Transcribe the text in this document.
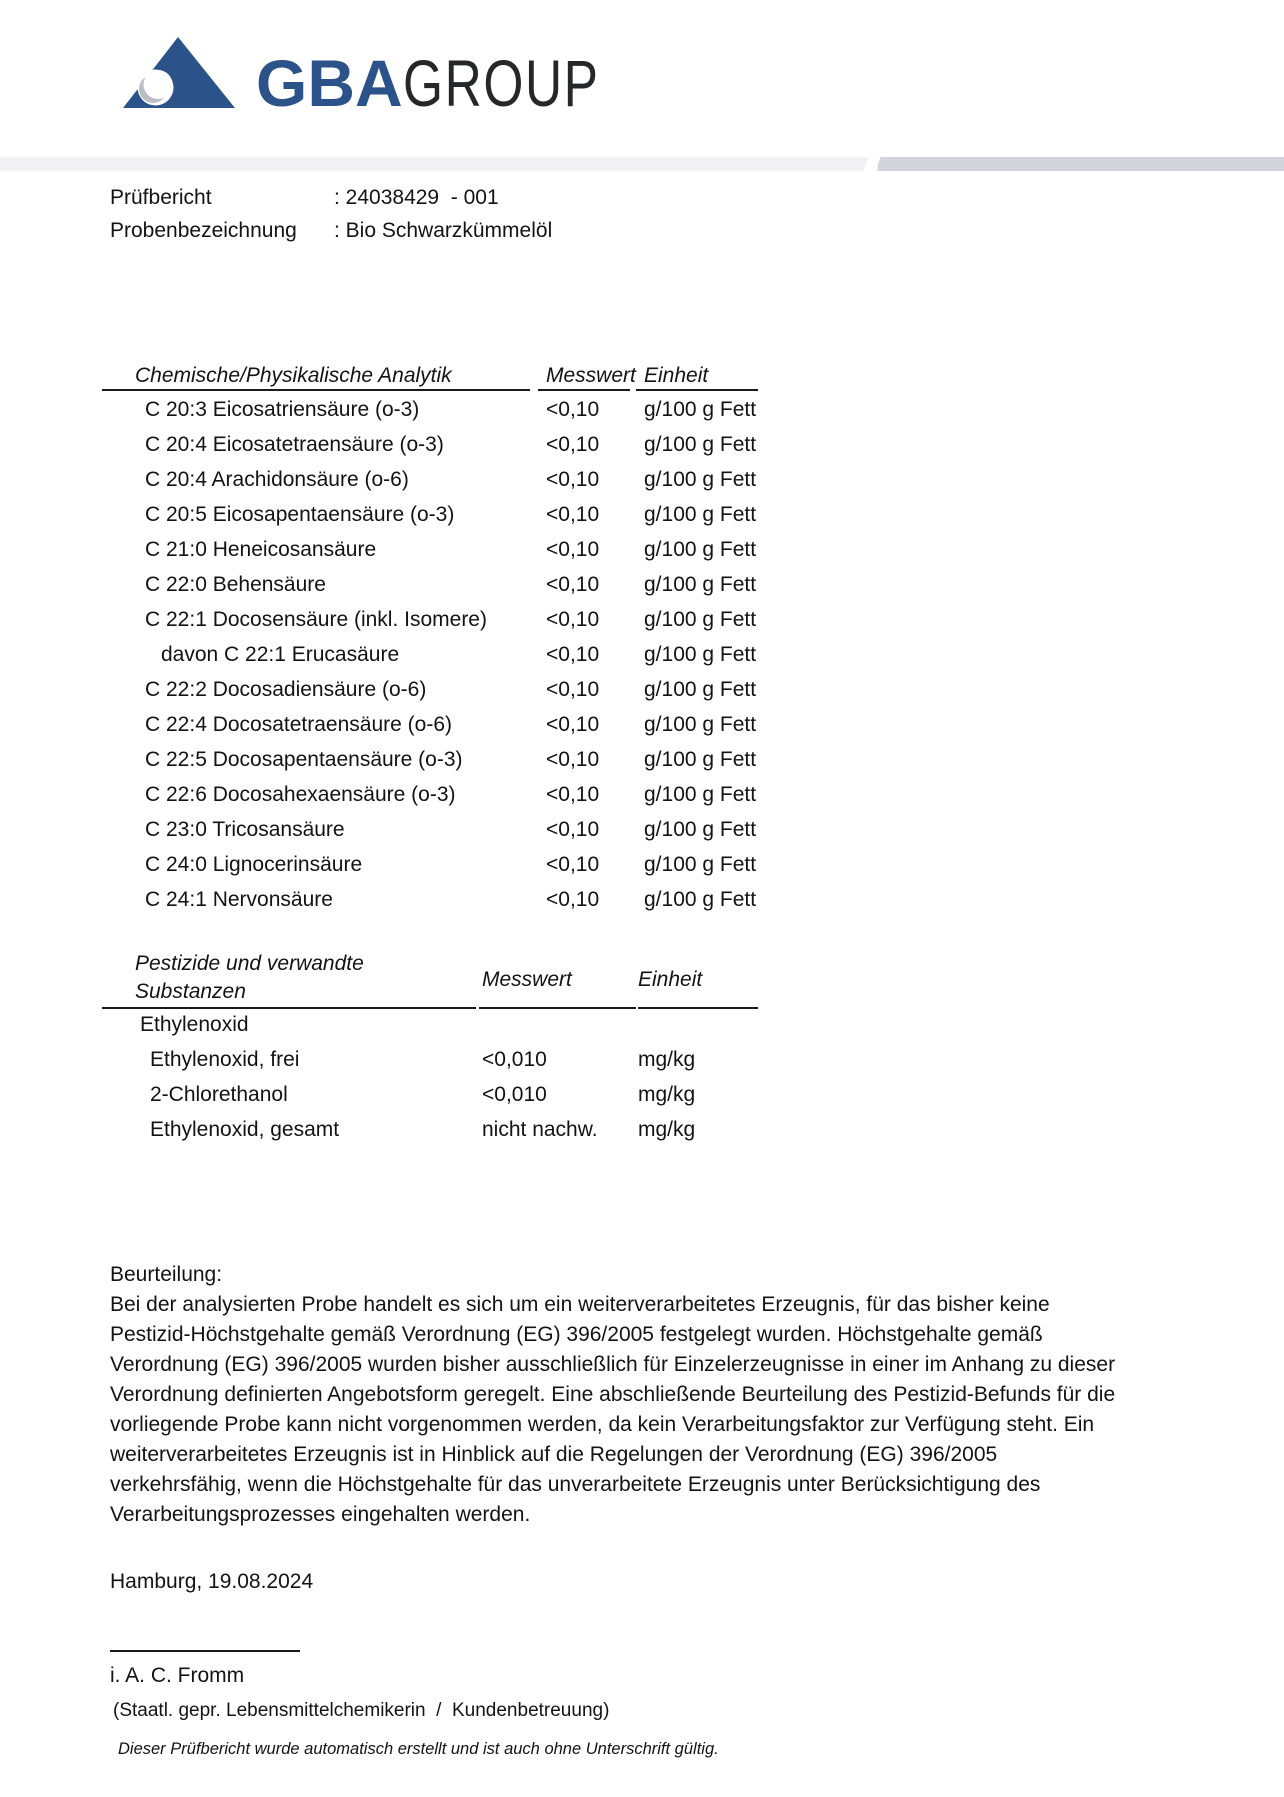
GBAGROUP
Prüfbericht	: 24038429  - 001
Probenbezeichnung : Bio Schwarzkümmelöl
Chemische/Physikalische Analytik	Messwert Einheit
C 20:3 Eicosatriensäure (o-3)	<0,10 g/100 g Fett
C 20:4 Eicosatetraensäure (o-3)	<0,10 g/100 g Fett
C 20:4 Arachidonsäure (o-6)	<0,10 g/100 g Fett
C 20:5 Eicosapentaensäure (o-3)	<0,10 g/100 g Fett
C 21:0 Heneicosansäure	<0,10 g/100 g Fett
C 22:0 Behensäure	<0,10 g/100 g Fett
C 22:1 Docosensäure (inkl. Isomere)	<0,10 g/100 g Fett
davon C 22:1 Erucasäure	<0,10 g/100 g Fett
C 22:2 Docosadiensäure (o-6)	<0,10 g/100 g Fett
C 22:4 Docosatetraensäure (o-6)	<0,10 g/100 g Fett
C 22:5 Docosapentaensäure (o-3)	<0,10 g/100 g Fett
C 22:6 Docosahexaensäure (o-3)	<0,10 g/100 g Fett
C 23:0 Tricosansäure	<0,10 g/100 g Fett
C 24:0 Lignocerinsäure	<0,10 g/100 g Fett
C 24:1 Nervonsäure	<0,10 g/100 g Fett
Pestizide und verwandte
Substanzen
Messwert	Einheit
Ethylenoxid
Ethylenoxid, frei	<0,010	mg/kg
2-Chlorethanol	<0,010	mg/kg
Ethylenoxid, gesamt	nicht nachw. mg/kg
Beurteilung:
Bei der analysierten Probe handelt es sich um ein weiterverarbeitetes Erzeugnis, für das bisher keine
Pestizid-Höchstgehalte gemäß Verordnung (EG) 396/2005 festgelegt wurden. Höchstgehalte gemäß
Verordnung (EG) 396/2005 wurden bisher ausschließlich für Einzelerzeugnisse in einer im Anhang zu dieser
Verordnung definierten Angebotsform geregelt. Eine abschließende Beurteilung des Pestizid-Befunds für die
vorliegende Probe kann nicht vorgenommen werden, da kein Verarbeitungsfaktor zur Verfügung steht. Ein
weiterverarbeitetes Erzeugnis ist in Hinblick auf die Regelungen der Verordnung (EG) 396/2005
verkehrsfähig, wenn die Höchstgehalte für das unverarbeitete Erzeugnis unter Berücksichtigung des
Verarbeitungsprozesses eingehalten werden.
Hamburg, 19.08.2024
i. A. C. Fromm
(Staatl. gepr. Lebensmittelchemikerin  /  Kundenbetreuung)
Dieser Prüfbericht wurde automatisch erstellt und ist auch ohne Unterschrift gültig.
